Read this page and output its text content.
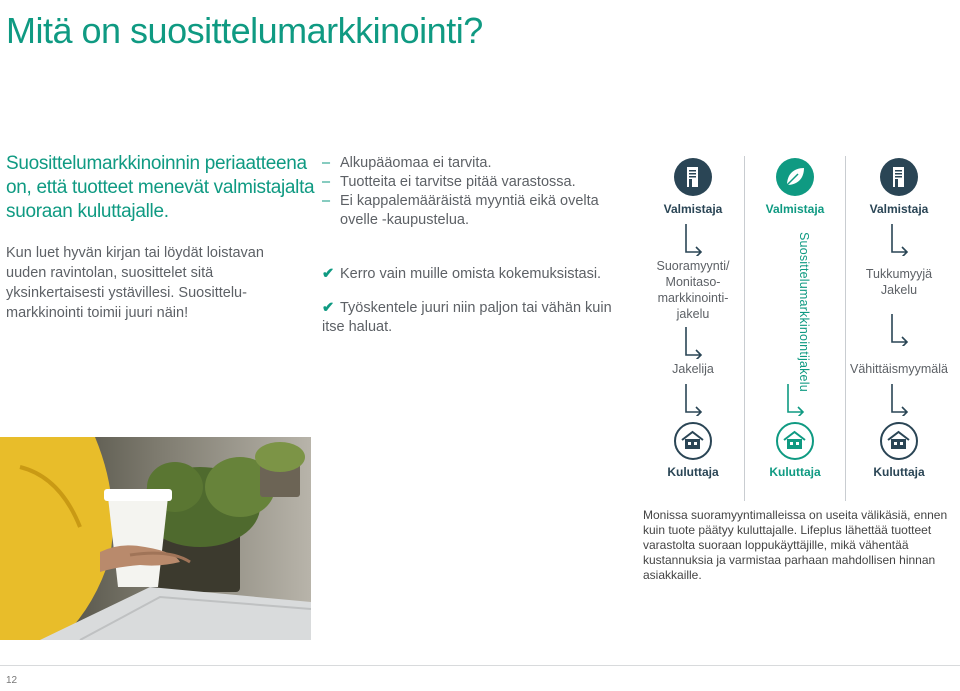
Mitä on suosittelumarkkinointi?
Suosittelumarkkinoinnin periaatteena
on, että tuotteet menevät valmistajalta
suoraan kuluttajalle.
Kun luet hyvän kirjan tai löydät loistavan
uuden ravintolan, suosittelet sitä
yksinkertaisesti ystävillesi. Suosittelu-
markkinointi toimii juuri näin!
– Alkupääomaa ei tarvita.
– Tuotteita ei tarvitse pitää varastossa.
– Ei kappalemääräistä myyntiä eikä ovelta
ovelle -kaupustelua.
✔ Kerro vain muille omista kokemuksistasi.
✔ Työskentele juuri niin paljon tai vähän kuin
itse haluat.
Valmistaja
Suoramyynti/
Monitaso-
markkinointi-
jakelu
Jakelija
Kuluttaja
Valmistaja
Suosittelumarkkinointijakelu
Kuluttaja
Valmistaja
Tukkumyyjä
Jakelu
Vähittäismyymälä
Kuluttaja
Monissa suoramyyntimalleissa on useita välikäsiä, ennen
kuin tuote päätyy kuluttajalle. Lifeplus lähettää tuotteet
varastolta suoraan loppukäyttäjille, mikä vähentää
kustannuksia ja varmistaa parhaan mahdollisen hinnan
asiakkaille.
12
